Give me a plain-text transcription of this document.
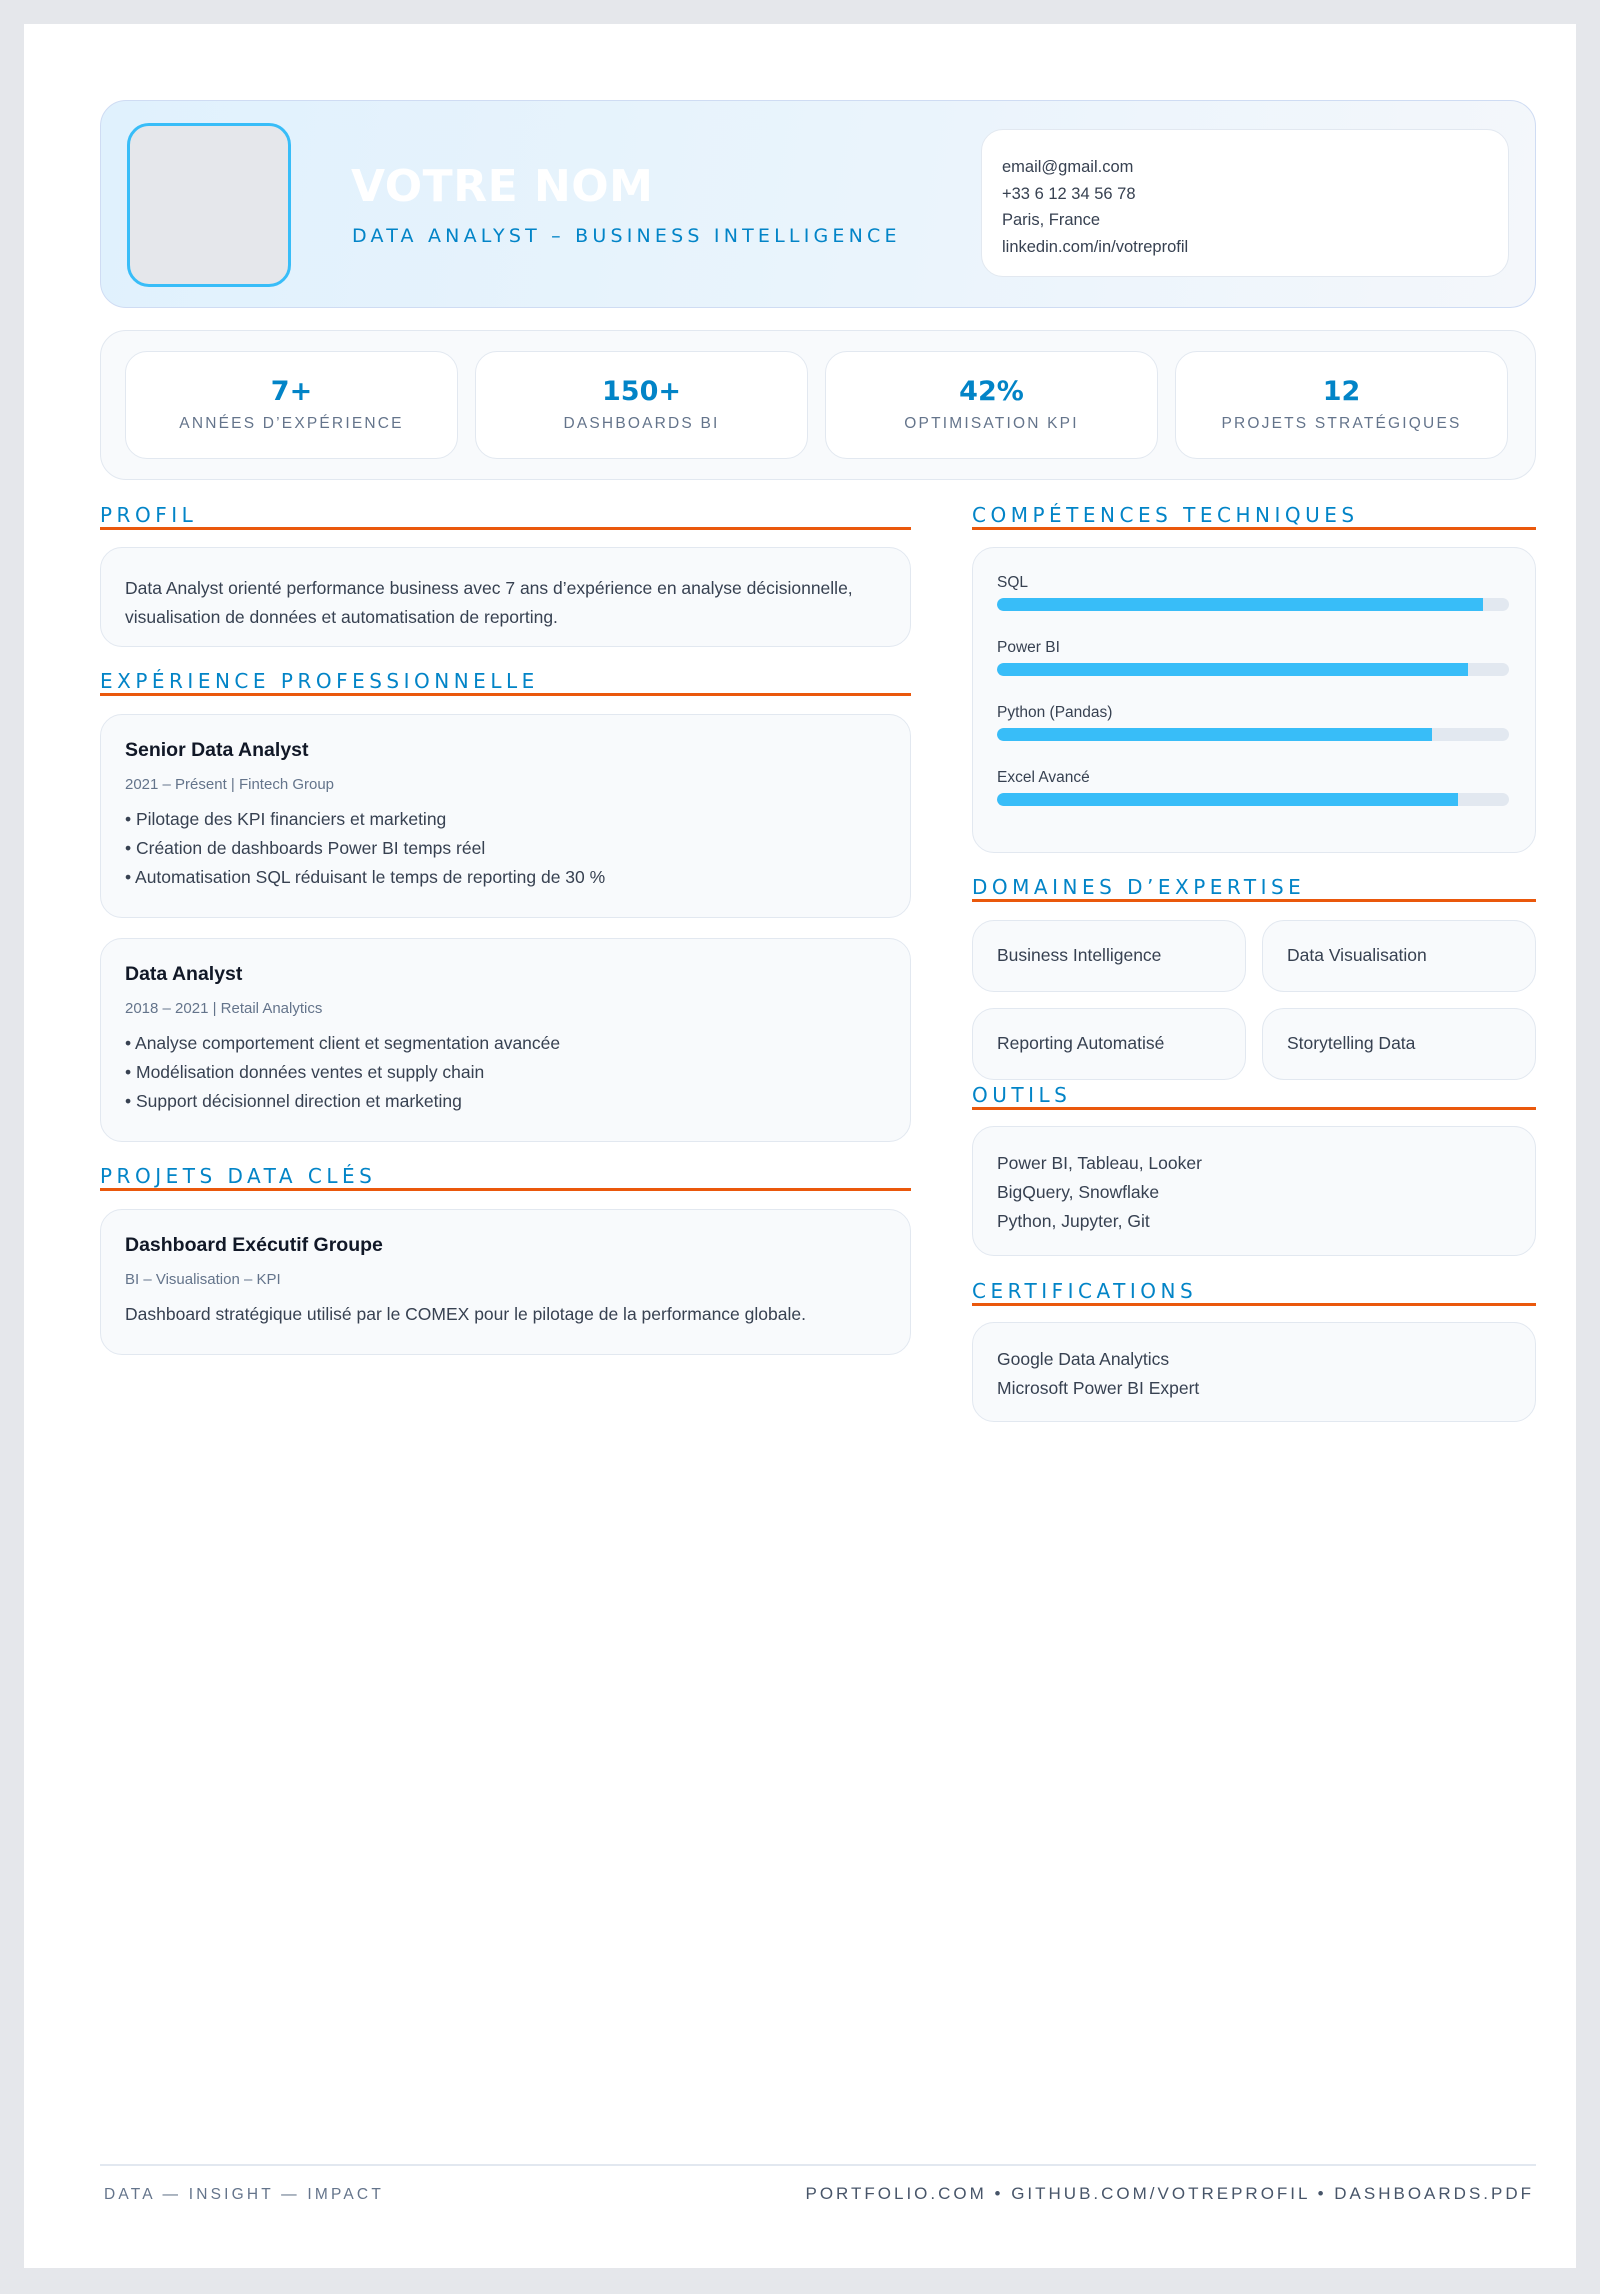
VOTRE NOM
DATA ANALYST – BUSINESS INTELLIGENCE
email@gmail.com
+33 6 12 34 56 78
Paris, France
linkedin.com/in/votreprofil
7+
ANNÉES D’EXPÉRIENCE
150+
DASHBOARDS BI
42%
OPTIMISATION KPI
12
PROJETS STRATÉGIQUES
PROFIL
Data Analyst orienté performance business avec 7 ans d’expérience en analyse décisionnelle, visualisation de données et automatisation de reporting.
EXPÉRIENCE PROFESSIONNELLE
Senior Data Analyst
2021 – Présent | Fintech Group
• Pilotage des KPI financiers et marketing
• Création de dashboards Power BI temps réel
• Automatisation SQL réduisant le temps de reporting de 30 %
Data Analyst
2018 – 2021 | Retail Analytics
• Analyse comportement client et segmentation avancée
• Modélisation données ventes et supply chain
• Support décisionnel direction et marketing
PROJETS DATA CLÉS
Dashboard Exécutif Groupe
BI – Visualisation – KPI
Dashboard stratégique utilisé par le COMEX pour le pilotage de la performance globale.
COMPÉTENCES TECHNIQUES
SQL
Power BI
Python (Pandas)
Excel Avancé
DOMAINES D’EXPERTISE
Business Intelligence	Data Visualisation
Reporting Automatisé	Storytelling Data
OUTILS
Power BI, Tableau, Looker
BigQuery, Snowflake
Python, Jupyter, Git
CERTIFICATIONS
Google Data Analytics
Microsoft Power BI Expert
DATA — INSIGHT — IMPACT	PORTFOLIO.COM • GITHUB.COM/VOTREPROFIL • DASHBOARDS.PDF
